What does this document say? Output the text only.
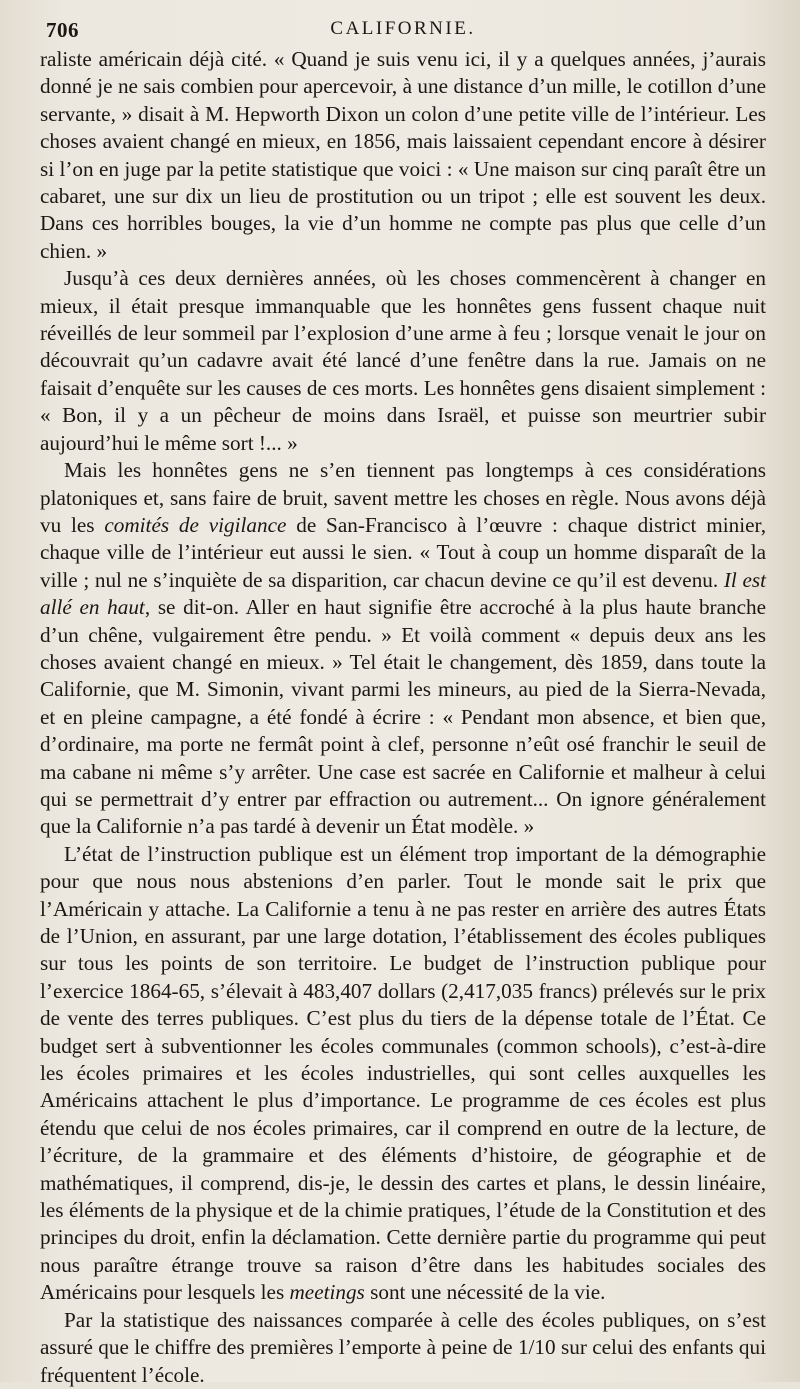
706	CALIFORNIE.

raliste américain déjà cité. « Quand je suis venu ici, il y a quelques années, j’aurais donné je ne sais combien pour apercevoir, à une distance d’un mille, le cotillon d’une servante, » disait à M. Hepworth Dixon un colon d’une petite ville de l’intérieur. Les choses avaient changé en mieux, en 1856, mais laissaient cependant encore à désirer si l’on en juge par la petite statistique que voici : « Une maison sur cinq paraît être un cabaret, une sur dix un lieu de prostitution ou un tripot ; elle est souvent les deux. Dans ces horribles bouges, la vie d’un homme ne compte pas plus que celle d’un chien. »

Jusqu’à ces deux dernières années, où les choses commencèrent à changer en mieux, il était presque immanquable que les honnêtes gens fussent chaque nuit réveillés de leur sommeil par l’explosion d’une arme à feu ; lorsque venait le jour on découvrait qu’un cadavre avait été lancé d’une fenêtre dans la rue. Jamais on ne faisait d’enquête sur les causes de ces morts. Les honnêtes gens disaient simplement : « Bon, il y a un pêcheur de moins dans Israël, et puisse son meurtrier subir aujourd’hui le même sort !... »

Mais les honnêtes gens ne s’en tiennent pas longtemps à ces considérations platoniques et, sans faire de bruit, savent mettre les choses en règle. Nous avons déjà vu les comités de vigilance de San-Francisco à l’œuvre : chaque district minier, chaque ville de l’intérieur eut aussi le sien. « Tout à coup un homme disparaît de la ville ; nul ne s’inquiète de sa disparition, car chacun devine ce qu’il est devenu. Il est allé en haut, se dit-on. Aller en haut signifie être accroché à la plus haute branche d’un chêne, vulgairement être pendu. » Et voilà comment « depuis deux ans les choses avaient changé en mieux. » Tel était le changement, dès 1859, dans toute la Californie, que M. Simonin, vivant parmi les mineurs, au pied de la Sierra-Nevada, et en pleine campagne, a été fondé à écrire : « Pendant mon absence, et bien que, d’ordinaire, ma porte ne fermât point à clef, personne n’eût osé franchir le seuil de ma cabane ni même s’y arrêter. Une case est sacrée en Californie et malheur à celui qui se permettrait d’y entrer par effraction ou autrement... On ignore généralement que la Californie n’a pas tardé à devenir un État modèle. »

L’état de l’instruction publique est un élément trop important de la démographie pour que nous nous abstenions d’en parler. Tout le monde sait le prix que l’Américain y attache. La Californie a tenu à ne pas rester en arrière des autres États de l’Union, en assurant, par une large dotation, l’établissement des écoles publiques sur tous les points de son territoire. Le budget de l’instruction publique pour l’exercice 1864-65, s’élevait à 483,407 dollars (2,417,035 francs) prélevés sur le prix de vente des terres publiques. C’est plus du tiers de la dépense totale de l’État. Ce budget sert à subventionner les écoles communales (common schools), c’est-à-dire les écoles primaires et les écoles industrielles, qui sont celles auxquelles les Américains attachent le plus d’importance. Le programme de ces écoles est plus étendu que celui de nos écoles primaires, car il comprend en outre de la lecture, de l’écriture, de la grammaire et des éléments d’histoire, de géographie et de mathématiques, il comprend, dis-je, le dessin des cartes et plans, le dessin linéaire, les éléments de la physique et de la chimie pratiques, l’étude de la Constitution et des principes du droit, enfin la déclamation. Cette dernière partie du programme qui peut nous paraître étrange trouve sa raison d’être dans les habitudes sociales des Américains pour lesquels les meetings sont une nécessité de la vie.

Par la statistique des naissances comparée à celle des écoles publiques, on s’est assuré que le chiffre des premières l’emporte à peine de 1/10 sur celui des enfants qui fréquentent l’école.
